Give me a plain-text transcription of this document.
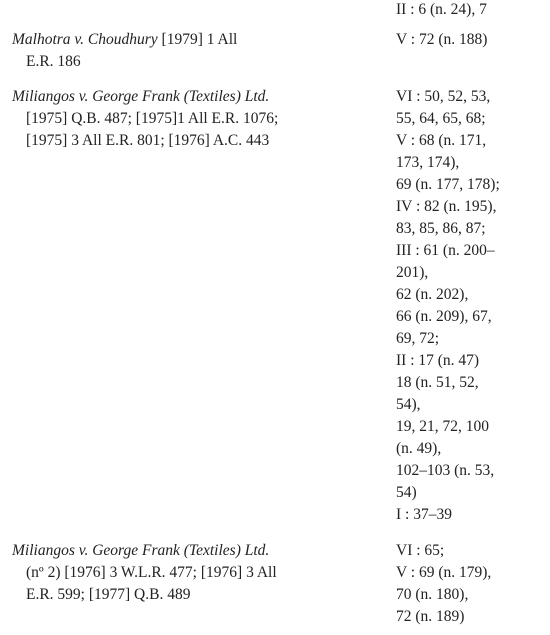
II : 6 (n. 24), 7
Malhotra v. Choudhury [1979] 1 All
E.R. 186
V : 72 (n. 188)
Miliangos v. George Frank (Textiles) Ltd.
[1975] Q.B. 487; [1975]1 All E.R. 1076;
[1975] 3 All E.R. 801; [1976] A.C. 443
VI : 50, 52, 53,
55, 64, 65, 68;
V : 68 (n. 171,
173, 174),
69 (n. 177, 178);
IV : 82 (n. 195),
83, 85, 86, 87;
III : 61 (n. 200–
201),
62 (n. 202),
66 (n. 209), 67,
69, 72;
II : 17 (n. 47)
18 (n. 51, 52,
54),
19, 21, 72, 100
(n. 49),
102–103 (n. 53,
54)
I : 37–39
Miliangos v. George Frank (Textiles) Ltd.
(nº 2) [1976] 3 W.L.R. 477; [1976] 3 All
E.R. 599; [1977] Q.B. 489
VI : 65;
V : 69 (n. 179),
70 (n. 180),
72 (n. 189)
